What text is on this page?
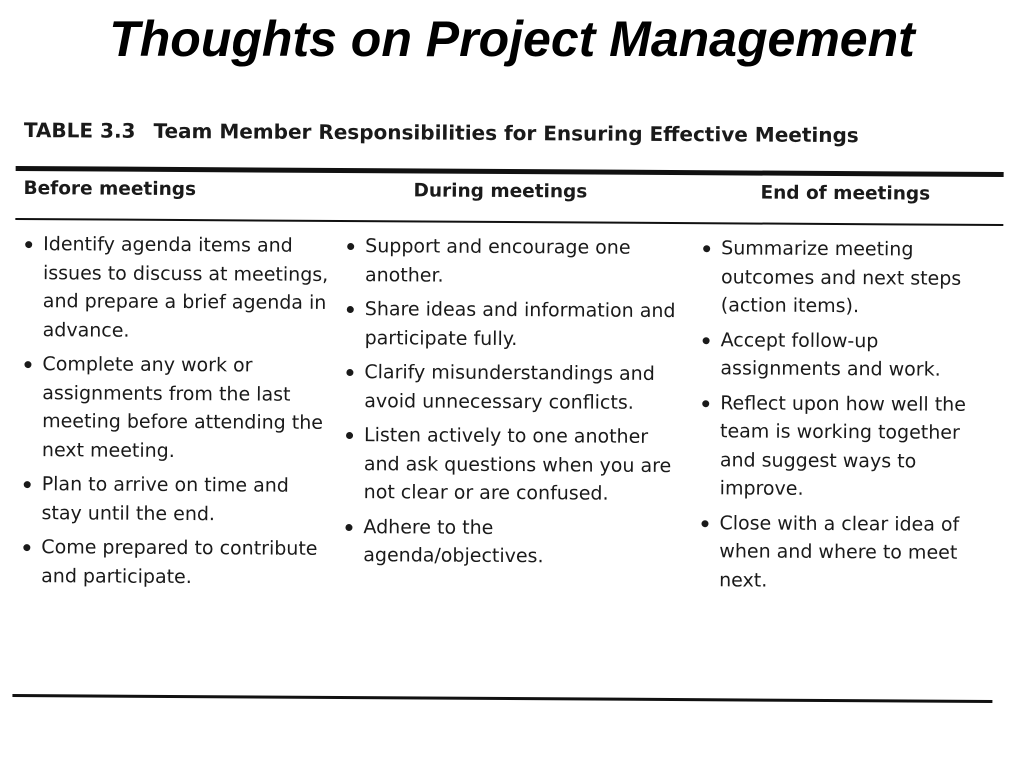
Thoughts on Project Management

TABLE 3.3 Team Member Responsibilities for Ensuring Effective Meetings

Before meetings	During meetings	End of meetings
Identify agenda items and issues to discuss at meetings, and prepare a brief agenda in advance.
Complete any work or assignments from the last meeting before attending the next meeting.
Plan to arrive on time and stay until the end.
Come prepared to contribute and participate.
Support and encourage one another.
Share ideas and information and participate fully.
Clarify misunderstandings and avoid unnecessary conflicts.
Listen actively to one another and ask questions when you are not clear or are confused.
Adhere to the agenda/objectives.
Summarize meeting outcomes and next steps (action items).
Accept follow-up assignments and work.
Reflect upon how well the team is working together and suggest ways to improve.
Close with a clear idea of when and where to meet next.
